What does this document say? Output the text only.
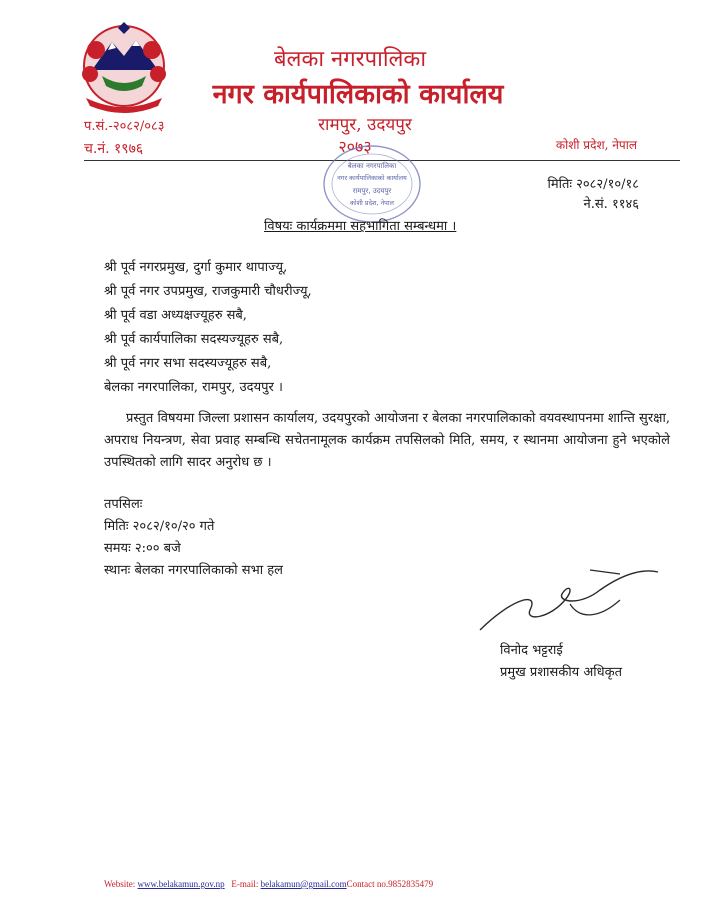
बेलका नगरपालिका
नगर कार्यपालिकाको कार्यालय
रामपुर, उदयपुर
२०७३
प.सं.-२०८२/०८३
च.नं. १९७६	कोशी प्रदेश, नेपाल
बेलका नगरपालिका
नगर कार्यपालिकाको कार्यालय
रामपुर, उदयपुर
कोशी प्रदेश, नेपाल
मितिः २०८२/१०/१८
ने.सं. ११४६
विषयः कार्यक्रममा सहभागिता सम्बन्धमा ।
श्री पूर्व नगरप्रमुख, दुर्गा कुमार थापाज्यू,
श्री पूर्व नगर उपप्रमुख, राजकुमारी चौधरीज्यू,
श्री पूर्व वडा अध्यक्षज्यूहरु सबै,
श्री पूर्व कार्यपालिका सदस्यज्यूहरु सबै,
श्री पूर्व नगर सभा सदस्यज्यूहरु सबै,
बेलका नगरपालिका, रामपुर, उदयपुर ।
प्रस्तुत विषयमा जिल्ला प्रशासन कार्यालय, उदयपुरको आयोजना र बेलका नगरपालिकाको वयवस्थापनमा शान्ति सुरक्षा, अपराध नियन्त्रण, सेवा प्रवाह सम्बन्धि सचेतनामूलक कार्यक्रम तपसिलको मिति, समय, र स्थानमा आयोजना हुने भएकोले उपस्थितको लागि सादर अनुरोध छ ।
तपसिलः
मितिः २०८२/१०/२० गते
समयः २:०० बजे
स्थानः बेलका नगरपालिकाको सभा हल
विनोद भट्टराई
प्रमुख प्रशासकीय अधिकृत
Website: www.belakamun.gov.np   E-mail: belakamun@gmail.comContact no.9852835479
